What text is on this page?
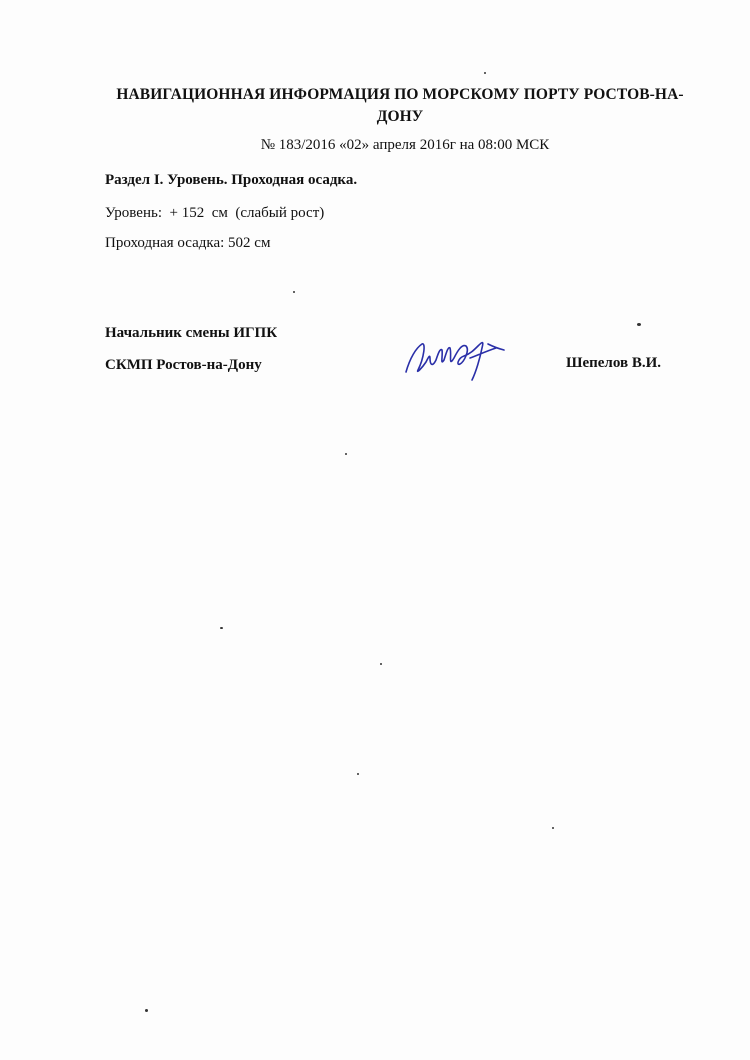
НАВИГАЦИОННАЯ ИНФОРМАЦИЯ ПО МОРСКОМУ ПОРТУ РОСТОВ-НА-ДОНУ
№ 183/2016 «02» апреля 2016г на 08:00 МСК
Раздел I. Уровень. Проходная осадка.
Уровень: + 152 см (слабый рост)
Проходная осадка: 502 см
Начальник смены ИГПК
СКМП Ростов-на-Дону	Шепелов В.И.
